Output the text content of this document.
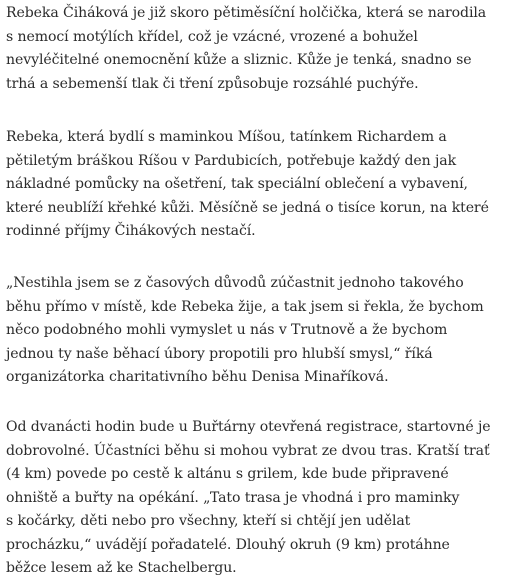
Rebeka Čiháková je již skoro pětiměsíční holčička, která se narodila
s nemocí motýlích křídel, což je vzácné, vrozené a bohužel
nevyléčitelné onemocnění kůže a sliznic. Kůže je tenká, snadno se
trhá a sebemenší tlak či tření způsobuje rozsáhlé puchýře.
Rebeka, která bydlí s maminkou Míšou, tatínkem Richardem a
pětiletým bráškou Ríšou v Pardubicích, potřebuje každý den jak
nákladné pomůcky na ošetření, tak speciální oblečení a vybavení,
které neublíží křehké kůži. Měsíčně se jedná o tisíce korun, na které
rodinné příjmy Čihákových nestačí.
„Nestihla jsem se z časových důvodů zúčastnit jednoho takového
běhu přímo v místě, kde Rebeka žije, a tak jsem si řekla, že bychom
něco podobného mohli vymyslet u nás v Trutnově a že bychom
jednou ty naše běhací úbory propotili pro hlubší smysl,“ říká
organizátorka charitativního běhu Denisa Minaříková.
Od dvanácti hodin bude u Buřtárny otevřená registrace, startovné je
dobrovolné. Účastníci běhu si mohou vybrat ze dvou tras. Kratší trať
(4 km) povede po cestě k altánu s grilem, kde bude připravené
ohniště a buřty na opékání. „Tato trasa je vhodná i pro maminky
s kočárky, děti nebo pro všechny, kteří si chtějí jen udělat
procházku,“ uvádějí pořadatelé. Dlouhý okruh (9 km) protáhne
běžce lesem až ke Stachelbergu.
